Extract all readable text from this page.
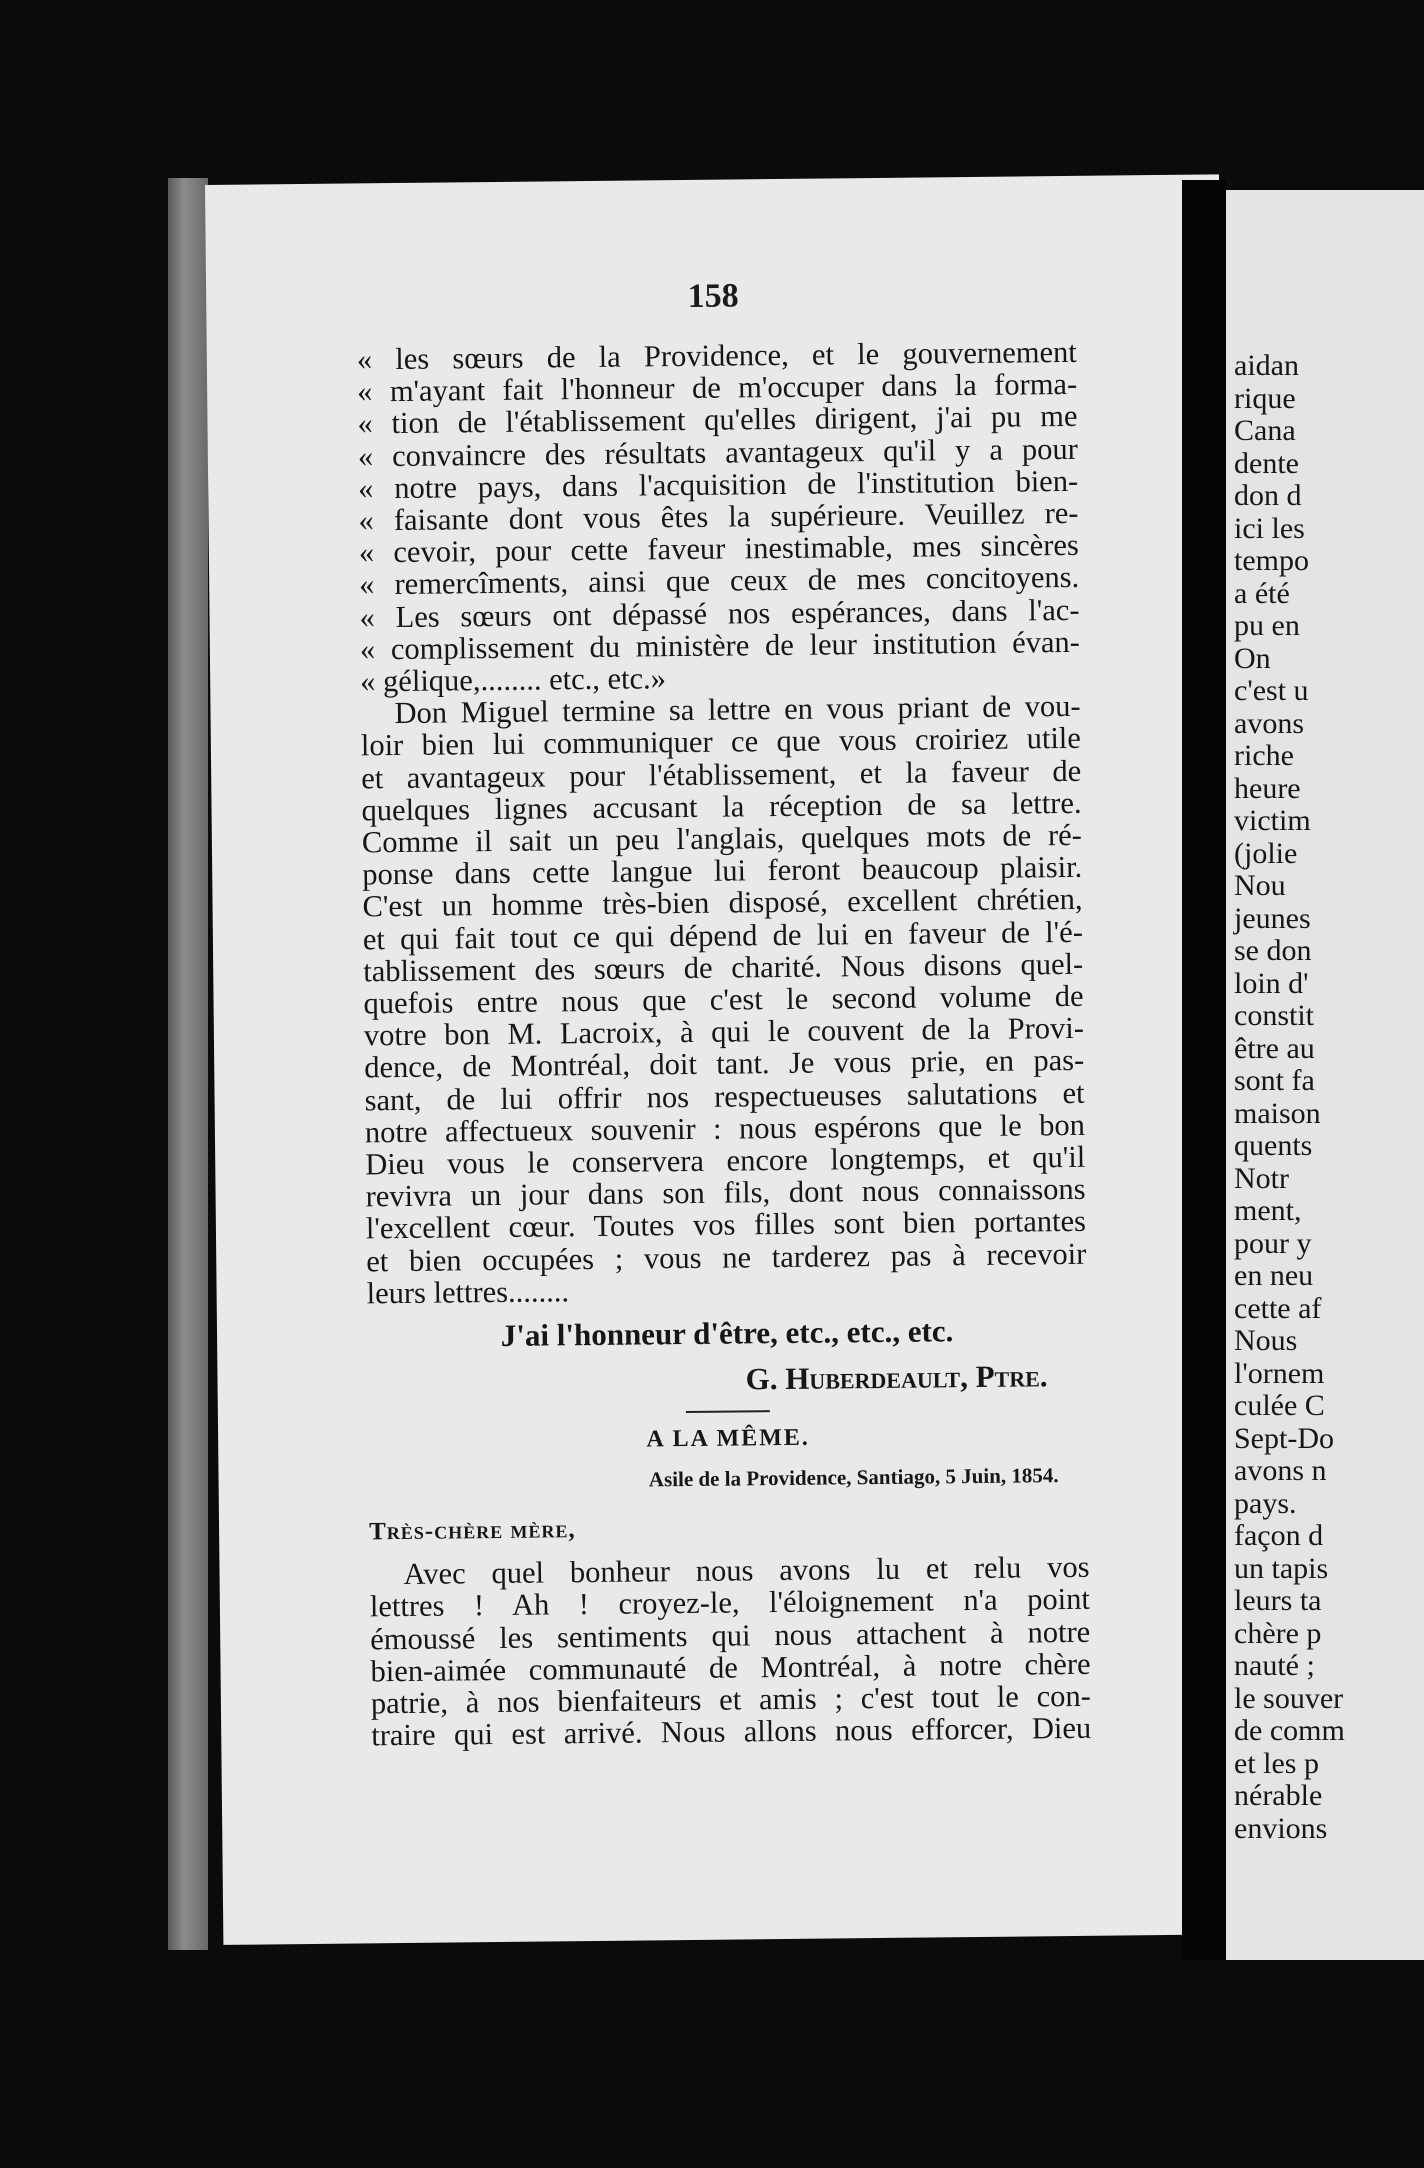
158
« les sœurs de la Providence, et le gouvernement
« m'ayant fait l'honneur de m'occuper dans la forma-
« tion de l'établissement qu'elles dirigent, j'ai pu me
« convaincre des résultats avantageux qu'il y a pour
« notre pays, dans l'acquisition de l'institution bien-
« faisante dont vous êtes la supérieure. Veuillez re-
« cevoir, pour cette faveur inestimable, mes sincères
« remercîments, ainsi que ceux de mes concitoyens.
« Les sœurs ont dépassé nos espérances, dans l'ac-
« complissement du ministère de leur institution évan-
« gélique,........ etc., etc.»
Don Miguel termine sa lettre en vous priant de vou-
loir bien lui communiquer ce que vous croiriez utile
et avantageux pour l'établissement, et la faveur de
quelques lignes accusant la réception de sa lettre.
Comme il sait un peu l'anglais, quelques mots de ré-
ponse dans cette langue lui feront beaucoup plaisir.
C'est un homme très-bien disposé, excellent chrétien,
et qui fait tout ce qui dépend de lui en faveur de l'é-
tablissement des sœurs de charité. Nous disons quel-
quefois entre nous que c'est le second volume de
votre bon M. Lacroix, à qui le couvent de la Provi-
dence, de Montréal, doit tant. Je vous prie, en pas-
sant, de lui offrir nos respectueuses salutations et
notre affectueux souvenir : nous espérons que le bon
Dieu vous le conservera encore longtemps, et qu'il
revivra un jour dans son fils, dont nous connaissons
l'excellent cœur. Toutes vos filles sont bien portantes
et bien occupées ; vous ne tarderez pas à recevoir
leurs lettres........
J'ai l'honneur d'être, etc., etc., etc.
G. Huberdeault, Ptre.
A LA MÊME.
Asile de la Providence, Santiago, 5 Juin, 1854.
Très-chère mère,
Avec quel bonheur nous avons lu et relu vos
lettres ! Ah ! croyez-le, l'éloignement n'a point
émoussé les sentiments qui nous attachent à notre
bien-aimée communauté de Montréal, à notre chère
patrie, à nos bienfaiteurs et amis ; c'est tout le con-
traire qui est arrivé. Nous allons nous efforcer, Dieu
aidan
rique
Cana
dente
don d
ici les
tempo
a été
pu en
On
c'est u
avons
riche
heure
victim
(jolie
Nou
jeunes
se don
loin d'
constit
être au
sont fa
maison
quents
Notr
ment,
pour y
en neu
cette af
Nous
l'ornem
culée C
Sept-Do
avons n
pays.
façon d
un tapis
leurs ta
chère p
nauté ;
le souver
de comm
et les p
nérable
envions
